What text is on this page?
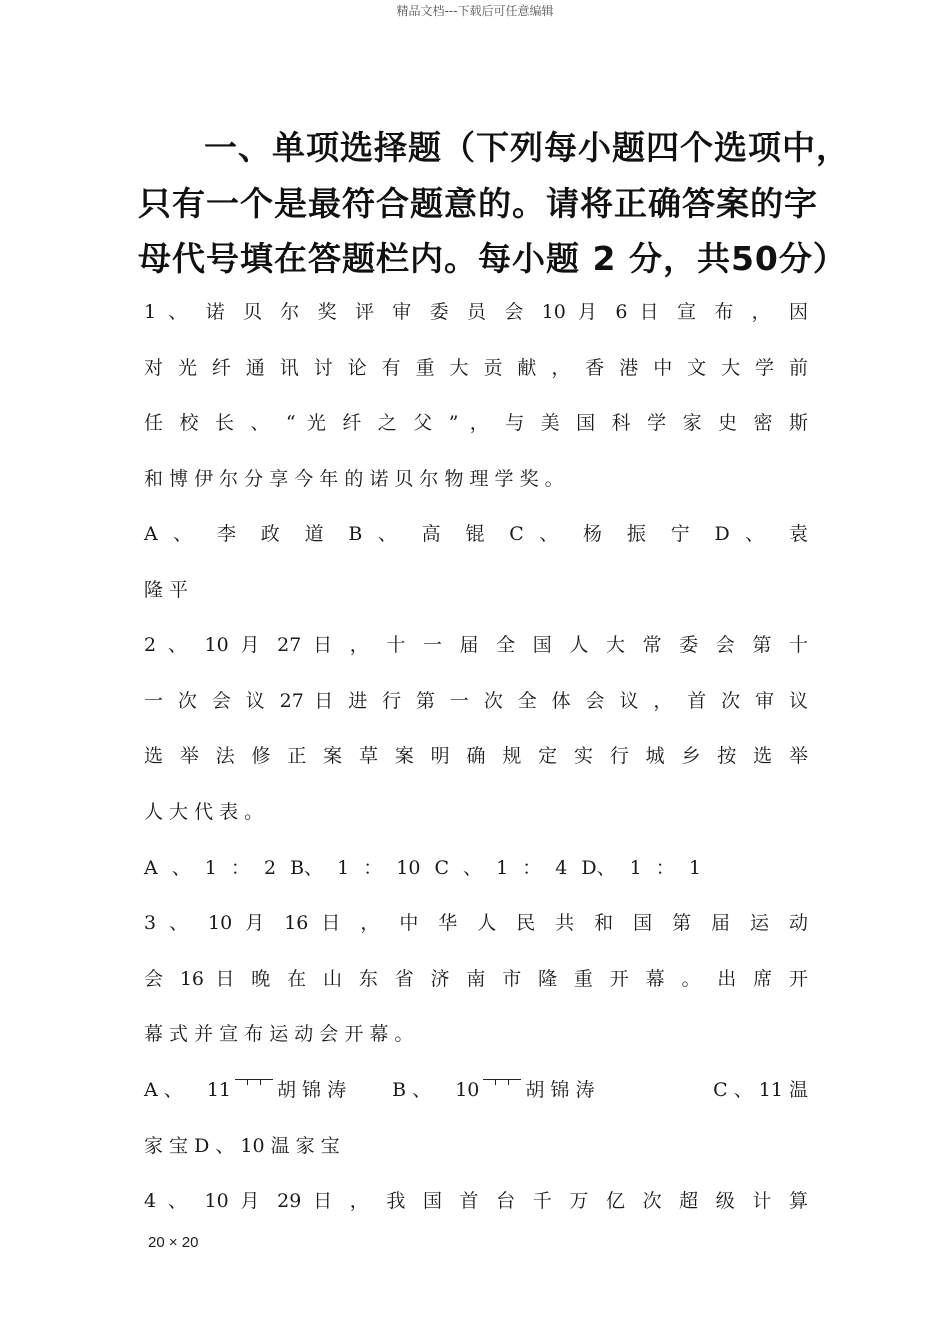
精品文档---下载后可任意编辑
一、单项选择题（下列每小题四个选项中，
只有一个是最符合题意的。请将正确答案的字
母代号填在答题栏内。每小题 2 分，共50分）
1 、 诺 贝 尔 奖 评 审 委 员 会 10 月 6 日 宣 布 ， 因
对 光 纤 通 讯 讨 论 有 重 大 贡 献 ， 香 港 中 文 大 学 前
任 校 长 、 “ 光 纤 之 父 ” ， 与 美 国 科 学 家 史 密 斯
和 博 伊 尔 分 享 今 年 的 诺 贝 尔 物 理 学 奖 。
A 、 李 政 道 B 、 高 锟 C 、 杨 振 宁 D 、 袁
隆 平
2 、 10 月 27 日 ， 十 一 届 全 国 人 大 常 委 会 第 十
一 次 会 议 27 日 进 行 第 一 次 全 体 会 议 ， 首 次 审 议
选 举 法 修 正 案 草 案 明 确 规 定 实 行 城 乡 按 选 举
人 大 代 表 。
A 、 1 ： 2 B、 1 ： 10 C 、 1 ： 4 D、 1 ： 1
3 、 10 月 16 日 ， 中 华 人 民 共 和 国 第 届 运 动
会 16 日 晚 在 山 东 省 济 南 市 隆 重 开 幕 。 出 席 开
幕 式 并 宣 布 运 动 会 开 幕 。
A 、 11 胡 锦 涛 B 、 10 胡 锦 涛	C 、 11 温
家 宝 D 、 10 温 家 宝
4 、 10 月 29 日 ， 我 国 首 台 千 万 亿 次 超 级 计 算
20 × 20
